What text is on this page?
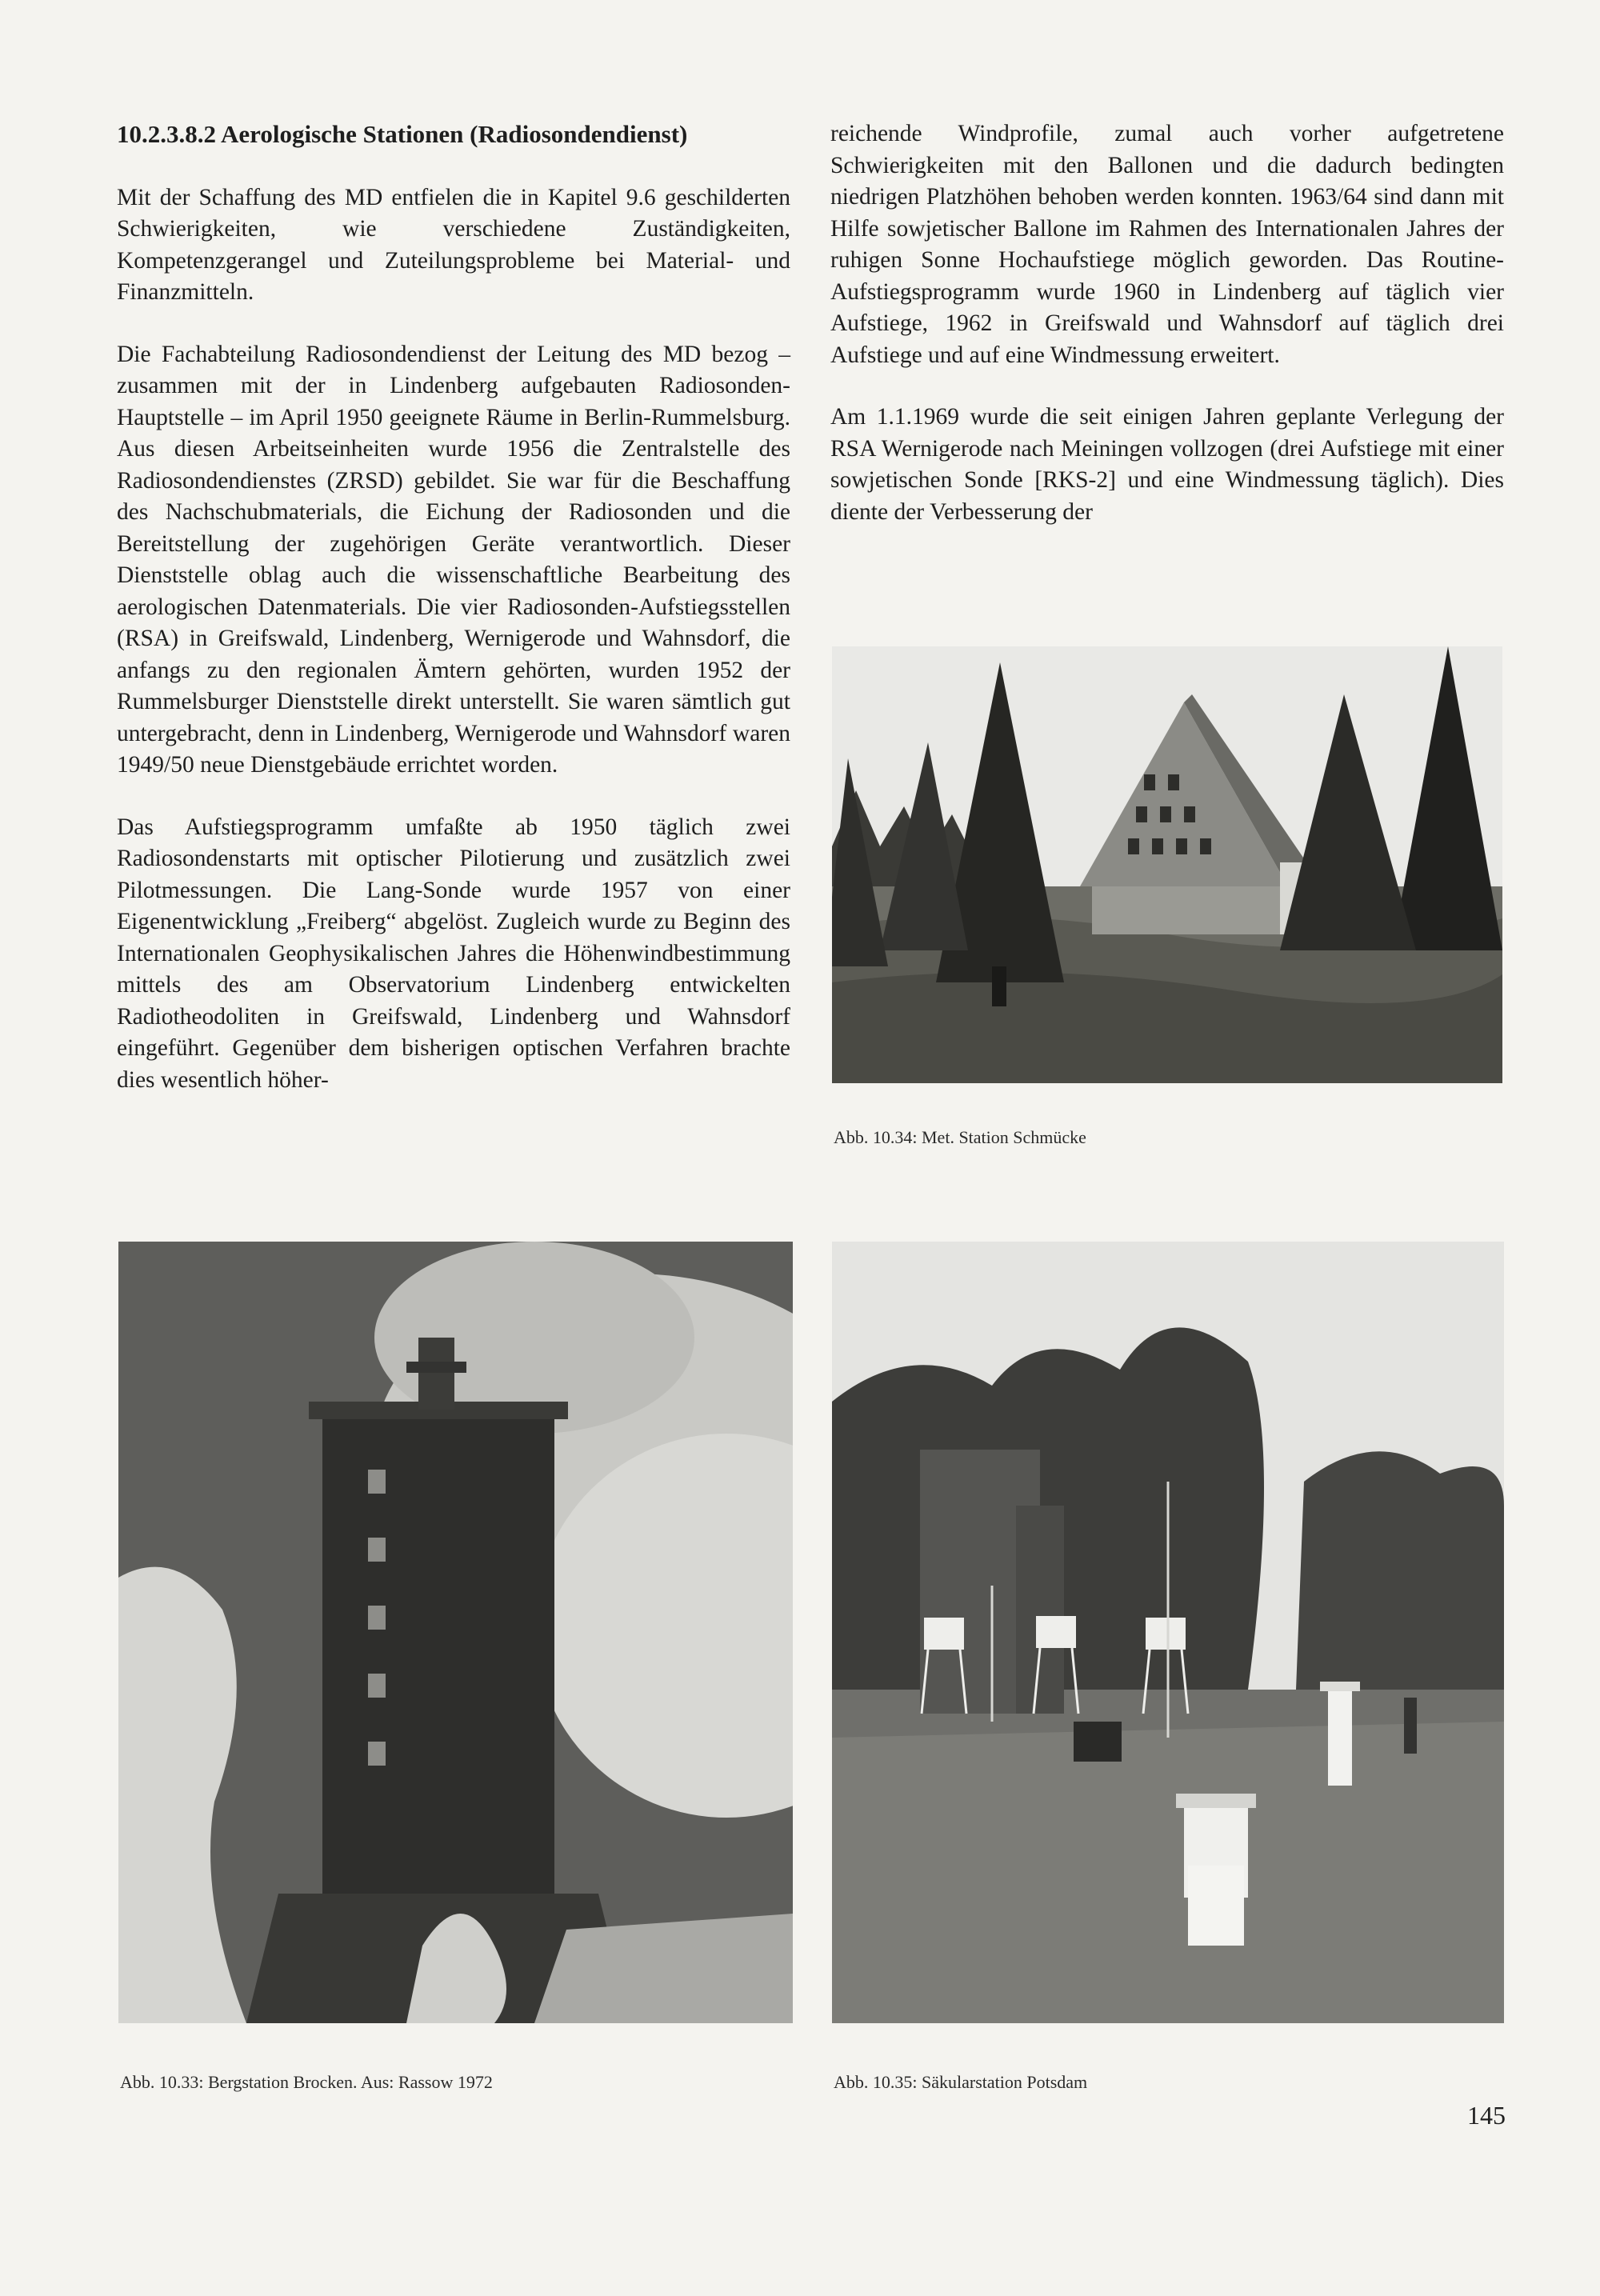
10.2.3.8.2 Aerologische Stationen (Radiosondendienst)

Mit der Schaffung des MD entfielen die in Kapitel 9.6 geschilderten Schwierigkeiten, wie verschiedene Zuständigkeiten, Kompetenzgerangel und Zuteilungsprobleme bei Material- und Finanzmitteln.

Die Fachabteilung Radiosondendienst der Leitung des MD bezog – zusammen mit der in Lindenberg aufgebauten Radiosonden-Hauptstelle – im April 1950 geeignete Räume in Berlin-Rummelsburg. Aus diesen Arbeitseinheiten wurde 1956 die Zentralstelle des Radiosondendienstes (ZRSD) gebildet. Sie war für die Beschaffung des Nachschubmaterials, die Eichung der Radiosonden und die Bereitstellung der zugehörigen Geräte verantwortlich. Dieser Dienststelle oblag auch die wissenschaftliche Bearbeitung des aerologischen Datenmaterials. Die vier Radiosonden-Aufstiegsstellen (RSA) in Greifswald, Lindenberg, Wernigerode und Wahnsdorf, die anfangs zu den regionalen Ämtern gehörten, wurden 1952 der Rummelsburger Dienststelle direkt unterstellt. Sie waren sämtlich gut untergebracht, denn in Lindenberg, Wernigerode und Wahnsdorf waren 1949/50 neue Dienstgebäude errichtet worden.

Das Aufstiegsprogramm umfaßte ab 1950 täglich zwei Radiosondenstarts mit optischer Pilotierung und zusätzlich zwei Pilotmessungen. Die Lang-Sonde wurde 1957 von einer Eigenentwicklung „Freiberg“ abgelöst. Zugleich wurde zu Beginn des Internationalen Geophysikalischen Jahres die Höhenwindbestimmung mittels des am Observatorium Lindenberg entwickelten Radiotheodoliten in Greifswald, Lindenberg und Wahnsdorf eingeführt. Gegenüber dem bisherigen optischen Verfahren brachte dies wesentlich höher-

reichende Windprofile, zumal auch vorher aufgetretene Schwierigkeiten mit den Ballonen und die dadurch bedingten niedrigen Platzhöhen behoben werden konnten. 1963/64 sind dann mit Hilfe sowjetischer Ballone im Rahmen des Internationalen Jahres der ruhigen Sonne Hochaufstiege möglich geworden. Das Routine-Aufstiegsprogramm wurde 1960 in Lindenberg auf täglich vier Aufstiege, 1962 in Greifswald und Wahnsdorf auf täglich drei Aufstiege und auf eine Windmessung erweitert.

Am 1.1.1969 wurde die seit einigen Jahren geplante Verlegung der RSA Wernigerode nach Meiningen vollzogen (drei Aufstiege mit einer sowjetischen Sonde [RKS-2] und eine Windmessung täglich). Dies diente der Verbesserung der

Abb. 10.34: Met. Station Schmücke
Abb. 10.33: Bergstation Brocken. Aus: Rassow 1972	Abb. 10.35: Säkularstation Potsdam
145
